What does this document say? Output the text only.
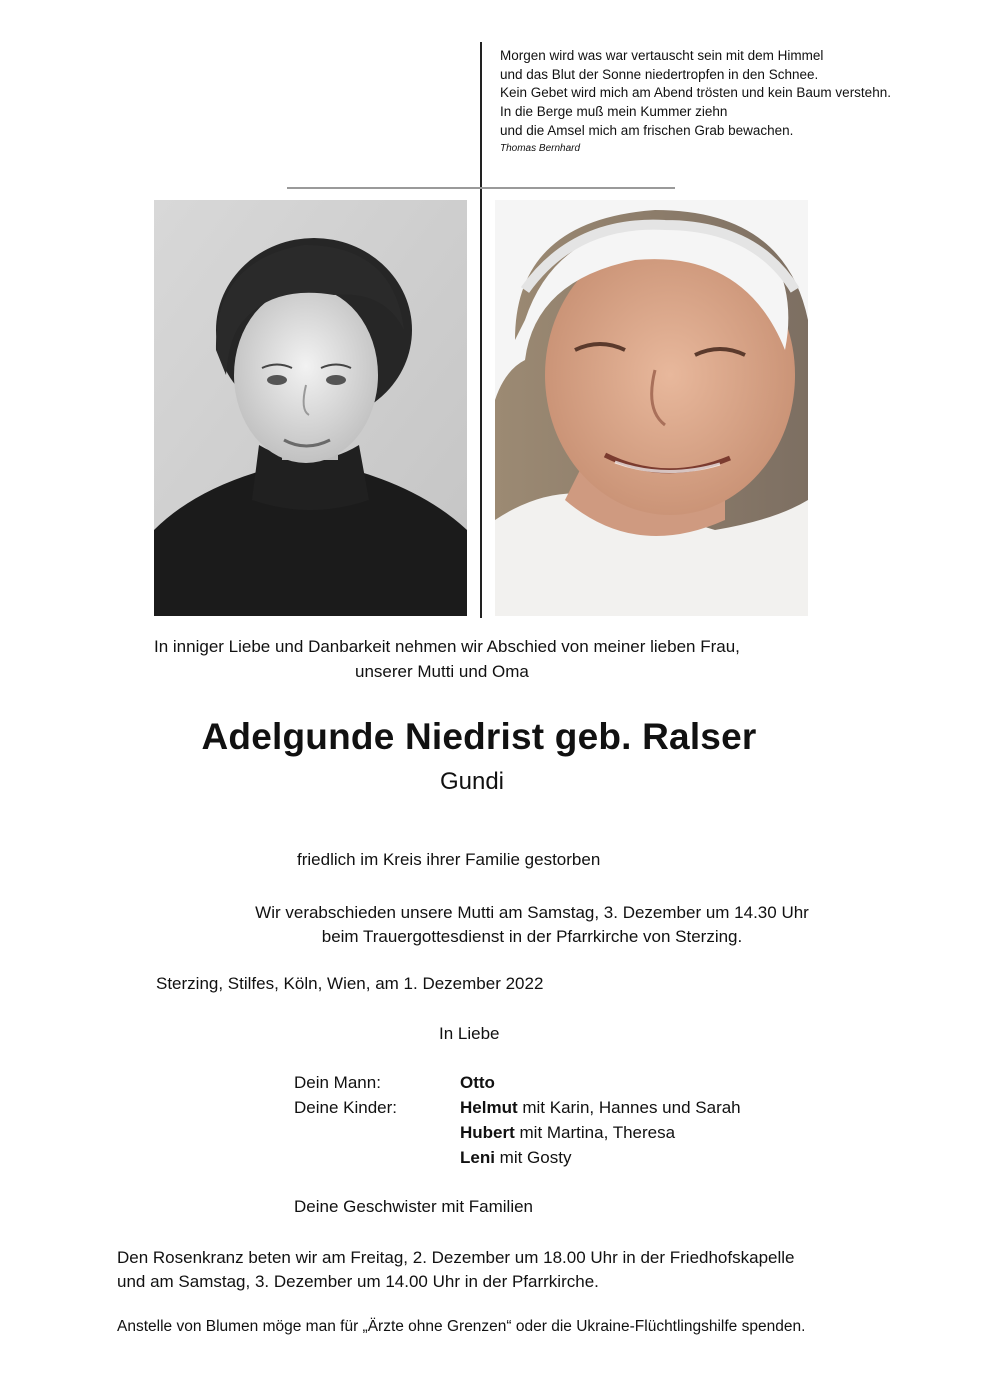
Morgen wird was war vertauscht sein mit dem Himmel
und das Blut der Sonne niedertropfen in den Schnee.
Kein Gebet wird mich am Abend trösten und kein Baum verstehn.
In die Berge muß mein Kummer ziehn
und die Amsel mich am frischen Grab bewachen.
Thomas Bernhard
In inniger Liebe und Danbarkeit nehmen wir Abschied von meiner lieben Frau,
unserer Mutti und Oma
Adelgunde Niedrist geb. Ralser
Gundi
friedlich im Kreis ihrer Familie gestorben
Wir verabschieden unsere Mutti am Samstag, 3. Dezember um 14.30 Uhr
beim Trauergottesdienst in der Pfarrkirche von Sterzing.
Sterzing, Stilfes, Köln, Wien, am 1. Dezember 2022
In Liebe
Dein Mann:	Otto
Deine Kinder:	Helmut mit Karin, Hannes und Sarah
Hubert mit Martina, Theresa
Leni mit Gosty
Deine Geschwister mit Familien
Den Rosenkranz beten wir am Freitag, 2. Dezember um 18.00 Uhr in der Friedhofskapelle
und am Samstag, 3. Dezember um 14.00 Uhr in der Pfarrkirche.
Anstelle von Blumen möge man für „Ärzte ohne Grenzen“ oder die Ukraine-Flüchtlingshilfe spenden.
